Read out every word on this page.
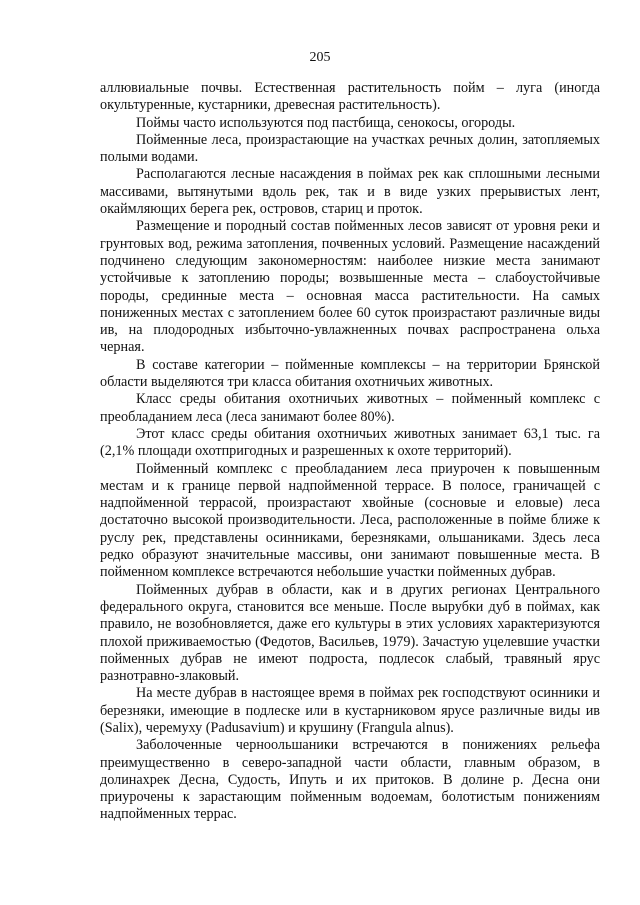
205

аллювиальные почвы. Естественная растительность пойм – луга (иногда окультуренные, кустарники, древесная растительность).

Поймы часто используются под пастбища, сенокосы, огороды.

Пойменные леса, произрастающие на участках речных долин, затопляемых полыми водами.

Располагаются лесные насаждения в поймах рек как сплошными лесными массивами, вытянутыми вдоль рек, так и в виде узких прерывистых лент, окаймляющих берега рек, островов, стариц и проток.

Размещение и породный состав пойменных лесов зависят от уровня реки и грунтовых вод, режима затопления, почвенных условий. Размещение насаждений подчинено следующим закономерностям: наиболее низкие места занимают устойчивые к затоплению породы; возвышенные места – слабоустойчивые породы, срединные места – основная масса растительности. На самых пониженных местах с затоплением более 60 суток произрастают различные виды ив, на плодородных избыточно-увлажненных почвах распространена ольха черная.

В составе категории – пойменные комплексы – на территории Брянской области выделяются три класса обитания охотничьих животных.

Класс среды обитания охотничьих животных – пойменный комплекс с преобладанием леса (леса занимают более 80%).

Этот класс среды обитания охотничьих животных занимает 63,1 тыс. га (2,1% площади охотпригодных и разрешенных к охоте территорий).

Пойменный комплекс с преобладанием леса приурочен к повышенным местам и к границе первой надпойменной террасе. В полосе, граничащей с надпойменной террасой, произрастают хвойные (сосновые и еловые) леса достаточно высокой производительности. Леса, расположенные в пойме ближе к руслу рек, представлены осинниками, березняками, ольшаниками. Здесь леса редко образуют значительные массивы, они занимают повышенные места. В пойменном комплексе встречаются небольшие участки пойменных дубрав.

Пойменных дубрав в области, как и в других регионах Центрального федерального округа, становится все меньше. После вырубки дуб в поймах, как правило, не возобновляется, даже его культуры в этих условиях характеризуются плохой приживаемостью (Федотов, Васильев, 1979). Зачастую уцелевшие участки пойменных дубрав не имеют подроста, подлесок слабый, травяный ярус разнотравно-злаковый.

На месте дубрав в настоящее время в поймах рек господствуют осинники и березняки, имеющие в подлеске или в кустарниковом ярусе различные виды ив (Salix), черемуху (Padusavium) и крушину (Frangula alnus).

Заболоченные черноольшаники встречаются в понижениях рельефа преимущественно в северо-западной части области, главным образом, в долинахрек Десна, Судость, Ипуть и их притоков. В долине р. Десна они приурочены к зарастающим пойменным водоемам, болотистым понижениям надпойменных террас.
